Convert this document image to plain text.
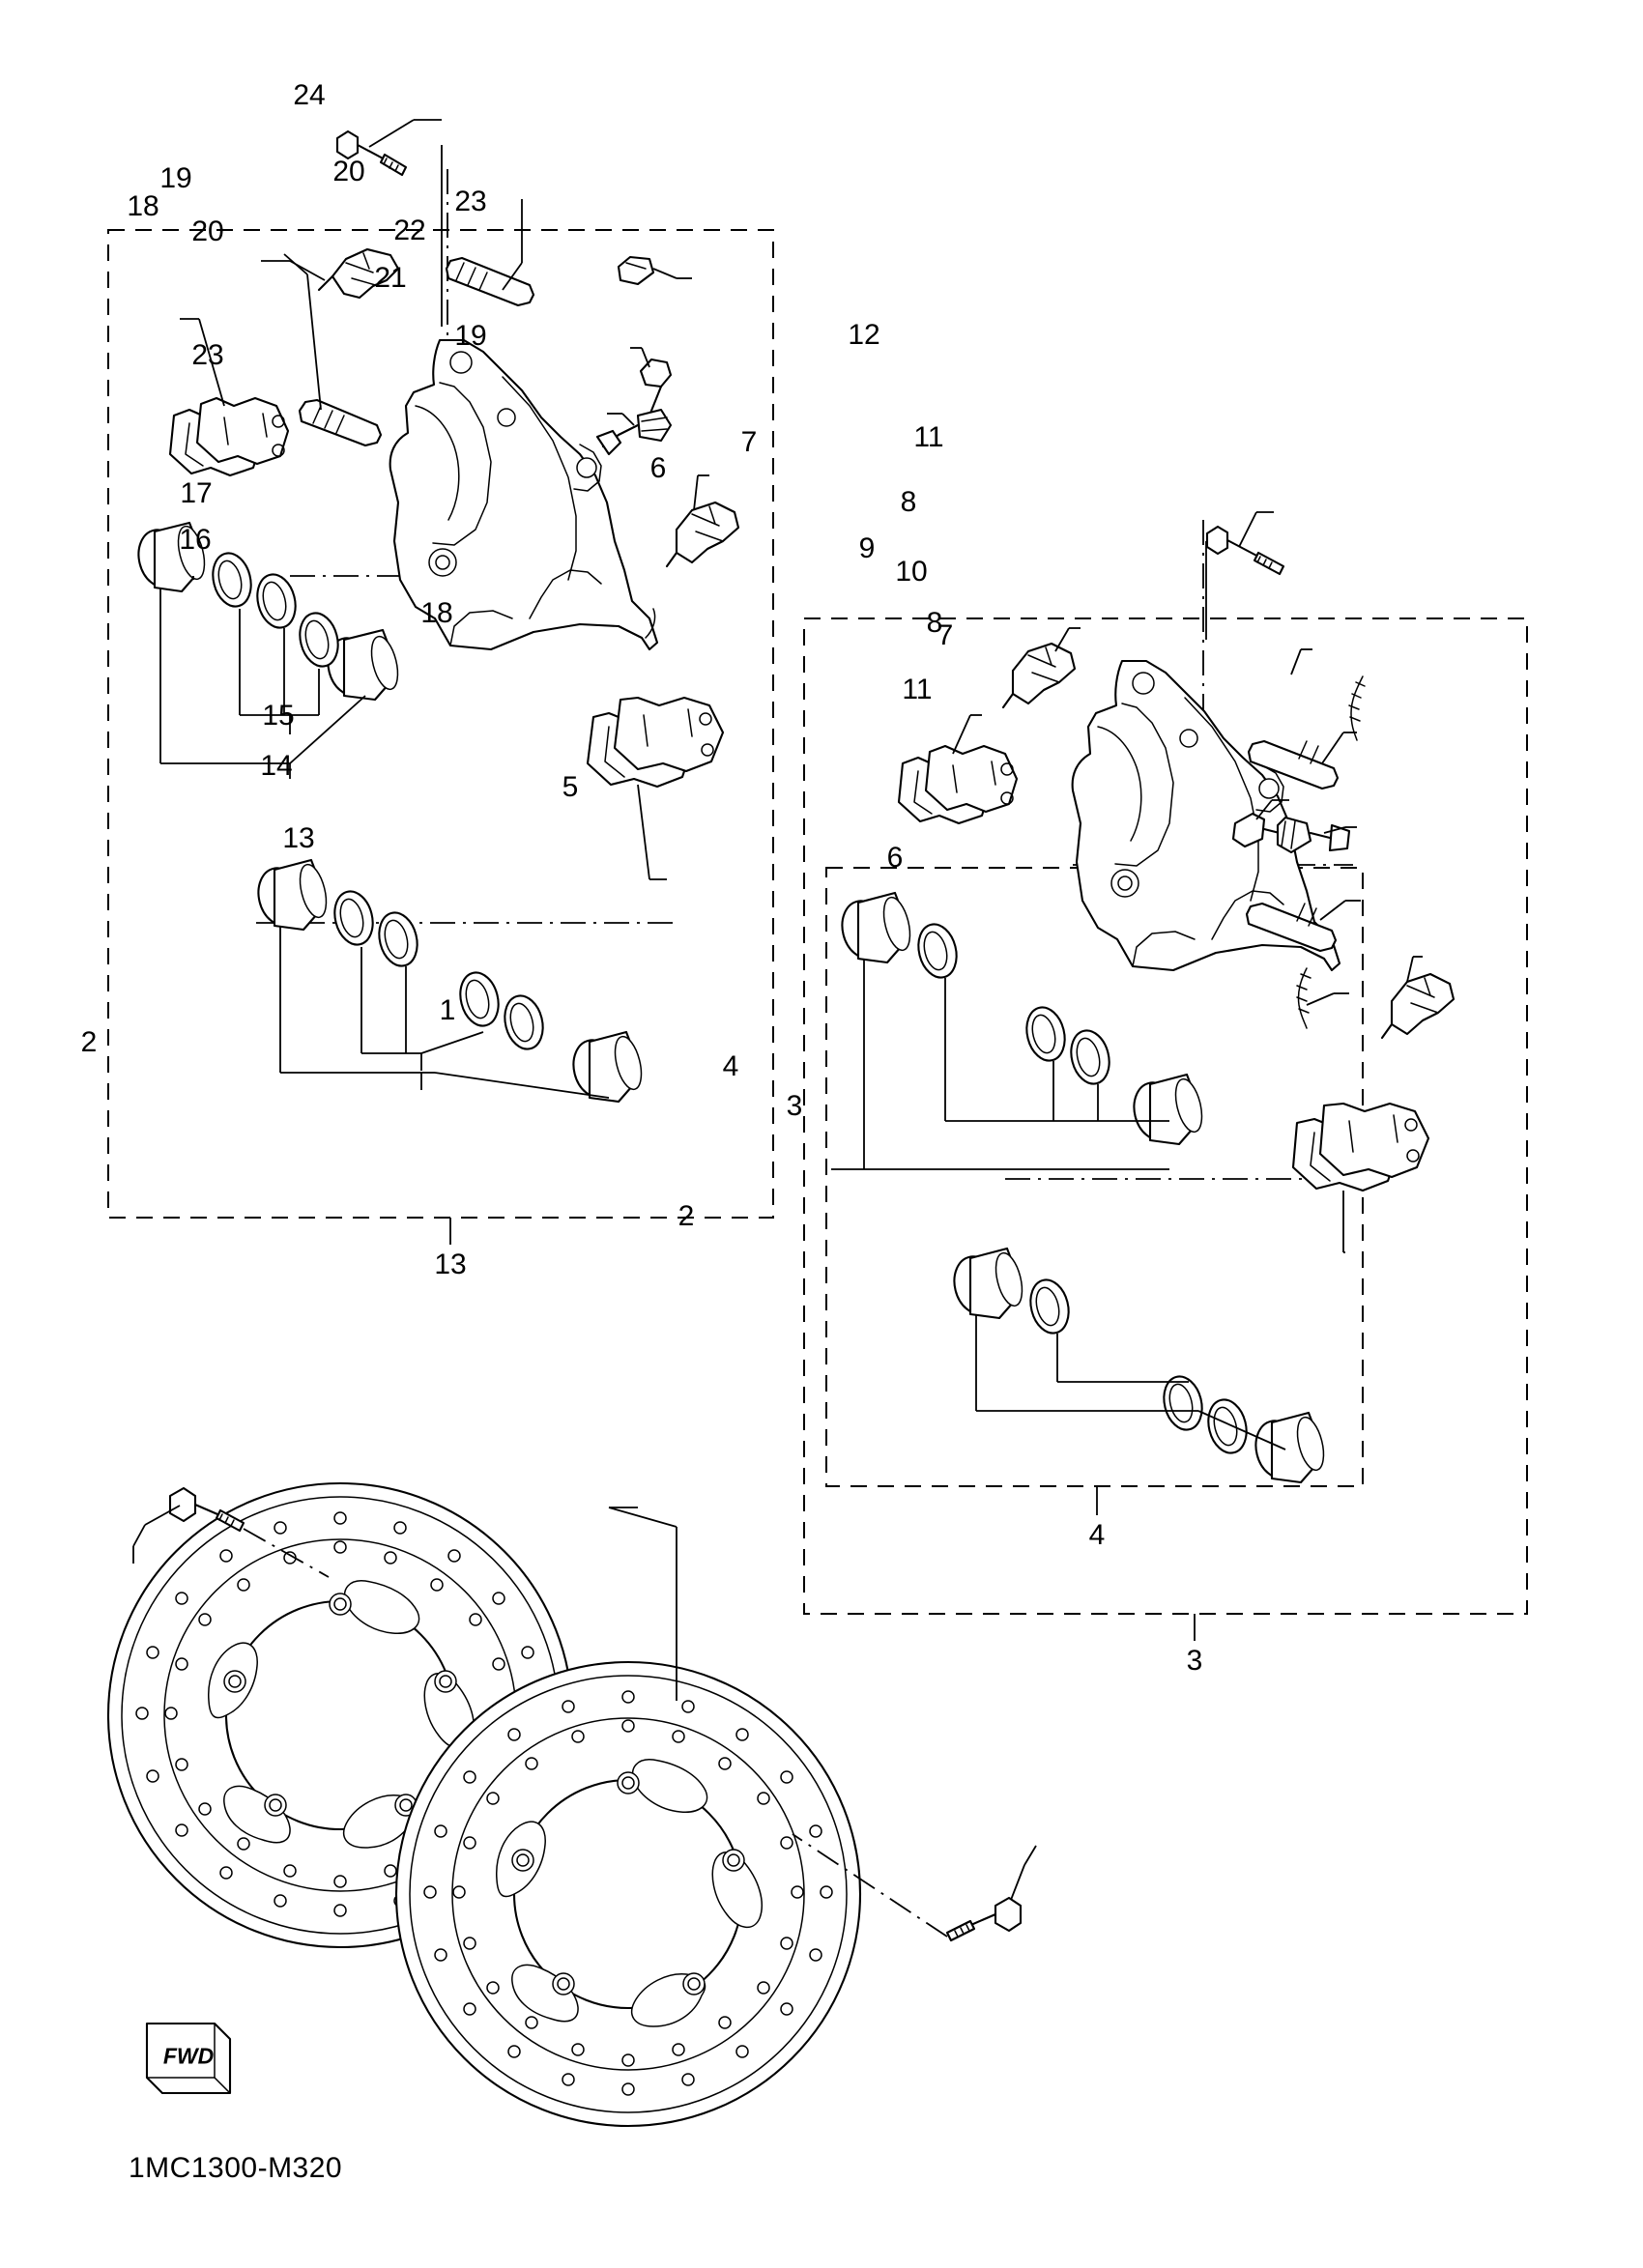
13
3
4
24
19	20
23
18
20	22
21
23
19	12
11
7
6
17	8
16	9
10
18	8
7
11
15
14
5
13
6
2
1
4
3
2
FWD
1MC1300-M320
